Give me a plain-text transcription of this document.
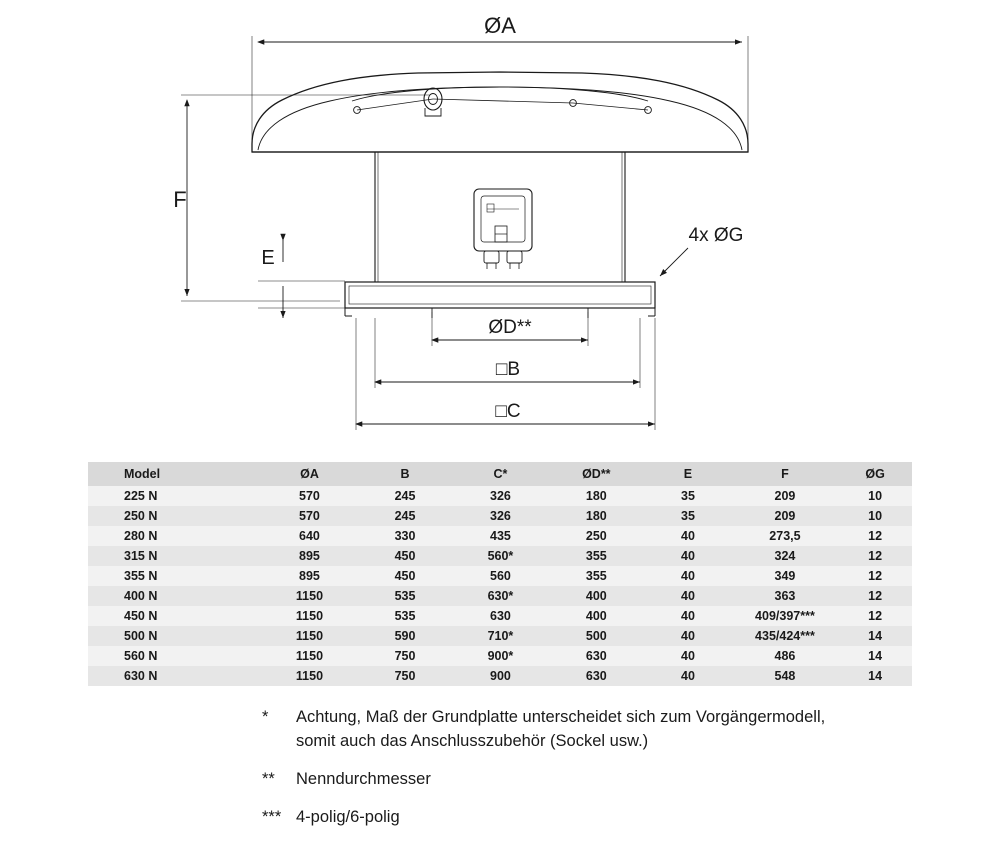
ØA
F
E
ØD**
□B
□C
4x ØG
Model	ØA	B	C*	ØD**	E	F	ØG
225 N	570	245	326	180	35	209	10
250 N	570	245	326	180	35	209	10
280 N	640	330	435	250	40	273,5	12
315 N	895	450	560*	355	40	324	12
355 N	895	450	560	355	40	349	12
400 N	1150	535	630*	400	40	363	12
450 N	1150	535	630	400	40	409/397***	12
500 N	1150	590	710*	500	40	435/424***	14
560 N	1150	750	900*	630	40	486	14
630 N	1150	750	900	630	40	548	14
*	Achtung, Maß der Grundplatte unterscheidet sich zum Vorgängermodell,
somit auch das Anschlusszubehör (Sockel usw.)
**	Nenndurchmesser
*** 4-polig/6-polig
